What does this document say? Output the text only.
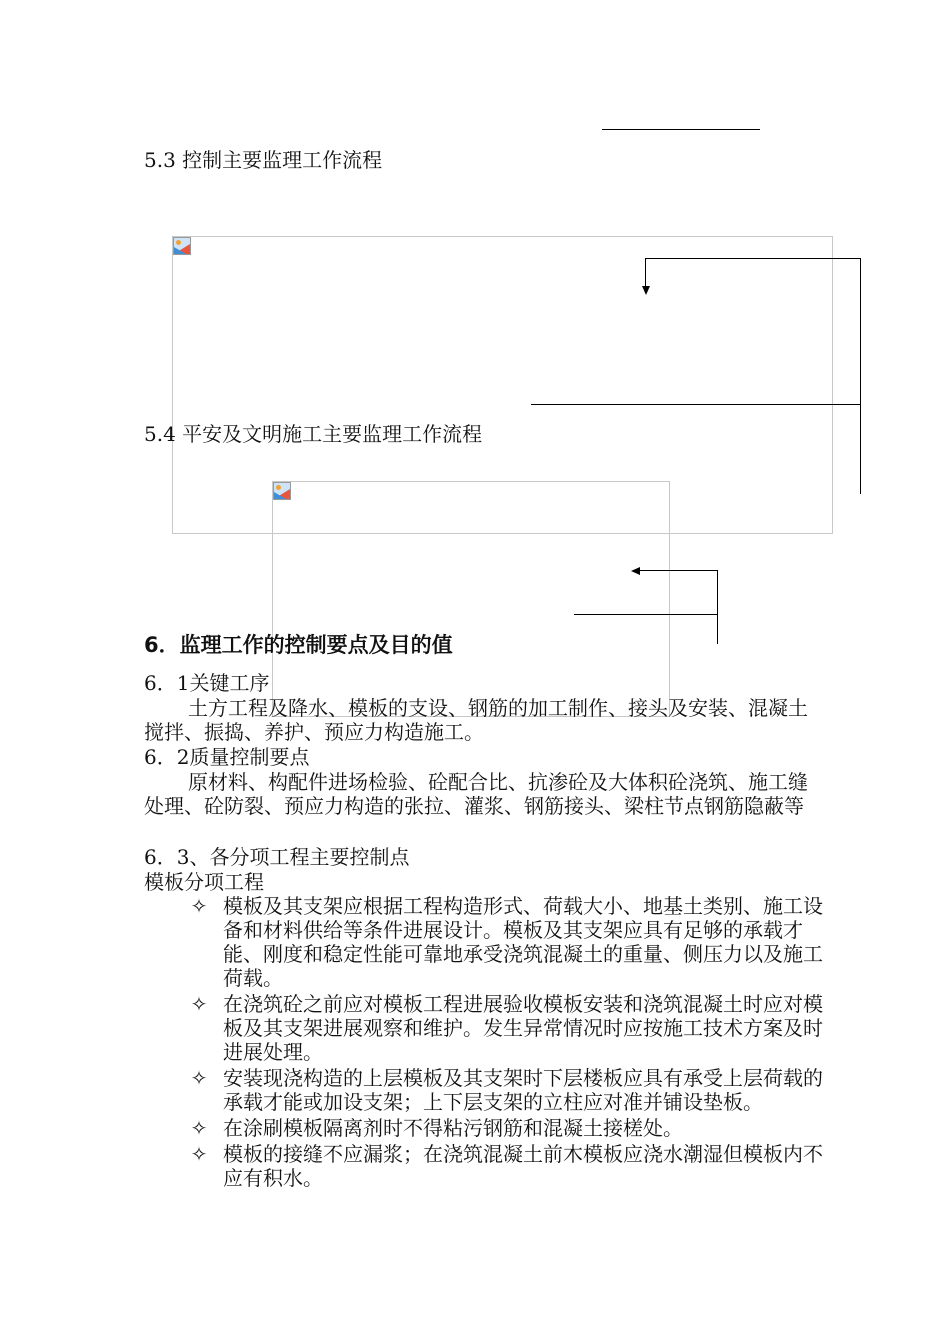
5.3 控制主要监理工作流程
5.4 平安及文明施工主要监理工作流程
6．监理工作的控制要点及目的值
6．1关键工序
土方工程及降水、模板的支设、钢筋的加工制作、接头及安装、混凝土搅拌、振捣、养护、预应力构造施工。
6．2质量控制要点
原材料、构配件进场检验、砼配合比、抗渗砼及大体积砼浇筑、施工缝处理、砼防裂、预应力构造的张拉、灌浆、钢筋接头、梁柱节点钢筋隐蔽等
6．3、各分项工程主要控制点
模板分项工程
✧ 模板及其支架应根据工程构造形式、荷载大小、地基土类别、施工设备和材料供给等条件进展设计。模板及其支架应具有足够的承载才能、刚度和稳定性能可靠地承受浇筑混凝土的重量、侧压力以及施工荷载。
✧ 在浇筑砼之前应对模板工程进展验收模板安装和浇筑混凝土时应对模板及其支架进展观察和维护。发生异常情况时应按施工技术方案及时进展处理。
✧ 安装现浇构造的上层模板及其支架时下层楼板应具有承受上层荷载的承载才能或加设支架；上下层支架的立柱应对准并铺设垫板。
✧ 在涂刷模板隔离剂时不得粘污钢筋和混凝土接槎处。
✧ 模板的接缝不应漏浆；在浇筑混凝土前木模板应浇水潮湿但模板内不应有积水。
